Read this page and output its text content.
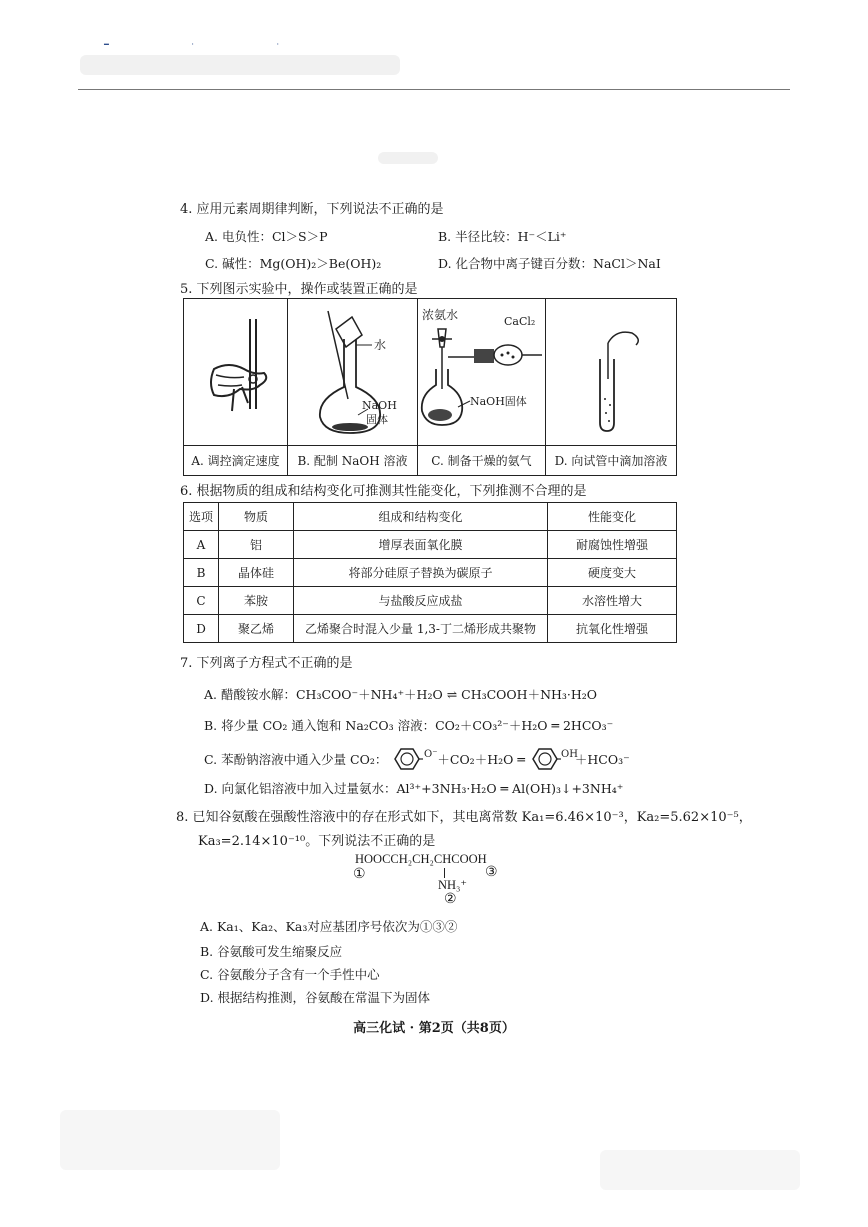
━ · ·
4. 应用元素周期律判断，下列说法不正确的是
A. 电负性：Cl＞S＞P	B. 半径比较：H⁻＜Li⁺
C. 碱性：Mg(OH)₂＞Be(OH)₂	D. 化合物中离子键百分数：NaCl＞NaI
5. 下列图示实验中，操作或装置正确的是
水
NaOH
固体
浓氨水	CaCl₂
NaOH固体
A. 调控滴定速度	B. 配制 NaOH 溶液	C. 制备干燥的氨气	D. 向试管中滴加溶液
6. 根据物质的组成和结构变化可推测其性能变化，下列推测不合理的是
选项	物质	组成和结构变化	性能变化
A	铝	增厚表面氧化膜	耐腐蚀性增强
B	晶体硅	将部分硅原子替换为碳原子	硬度变大
C	苯胺	与盐酸反应成盐	水溶性增大
D	聚乙烯	乙烯聚合时混入少量 1,3-丁二烯形成共聚物	抗氧化性增强
7. 下列离子方程式不正确的是
A. 醋酸铵水解：CH₃COO⁻＋NH₄⁺＋H₂O ⇌ CH₃COOH＋NH₃·H₂O
B. 将少量 CO₂ 通入饱和 Na₂CO₃ 溶液：CO₂＋CO₃²⁻＋H₂O ═ 2HCO₃⁻
C. 苯酚钠溶液中通入少量 CO₂：	O⁻ ＋CO₂＋H₂O ═	OH
＋HCO₃⁻
D. 向氯化铝溶液中加入过量氨水：Al³⁺+3NH₃·H₂O ═ Al(OH)₃↓+3NH₄⁺
8. 已知谷氨酸在强酸性溶液中的存在形式如下，其电离常数 Ka₁=6.46×10⁻³，Ka₂=5.62×10⁻⁵，
Ka₃=2.14×10⁻¹⁰。下列说法不正确的是
HOOCCH₂CH₂CHCOOH
NH₃⁺
①
②
③
A. Ka₁、Ka₂、Ka₃对应基团序号依次为①③②
B. 谷氨酸可发生缩聚反应
C. 谷氨酸分子含有一个手性中心
D. 根据结构推测，谷氨酸在常温下为固体
高三化试 · 第2页（共8页）
